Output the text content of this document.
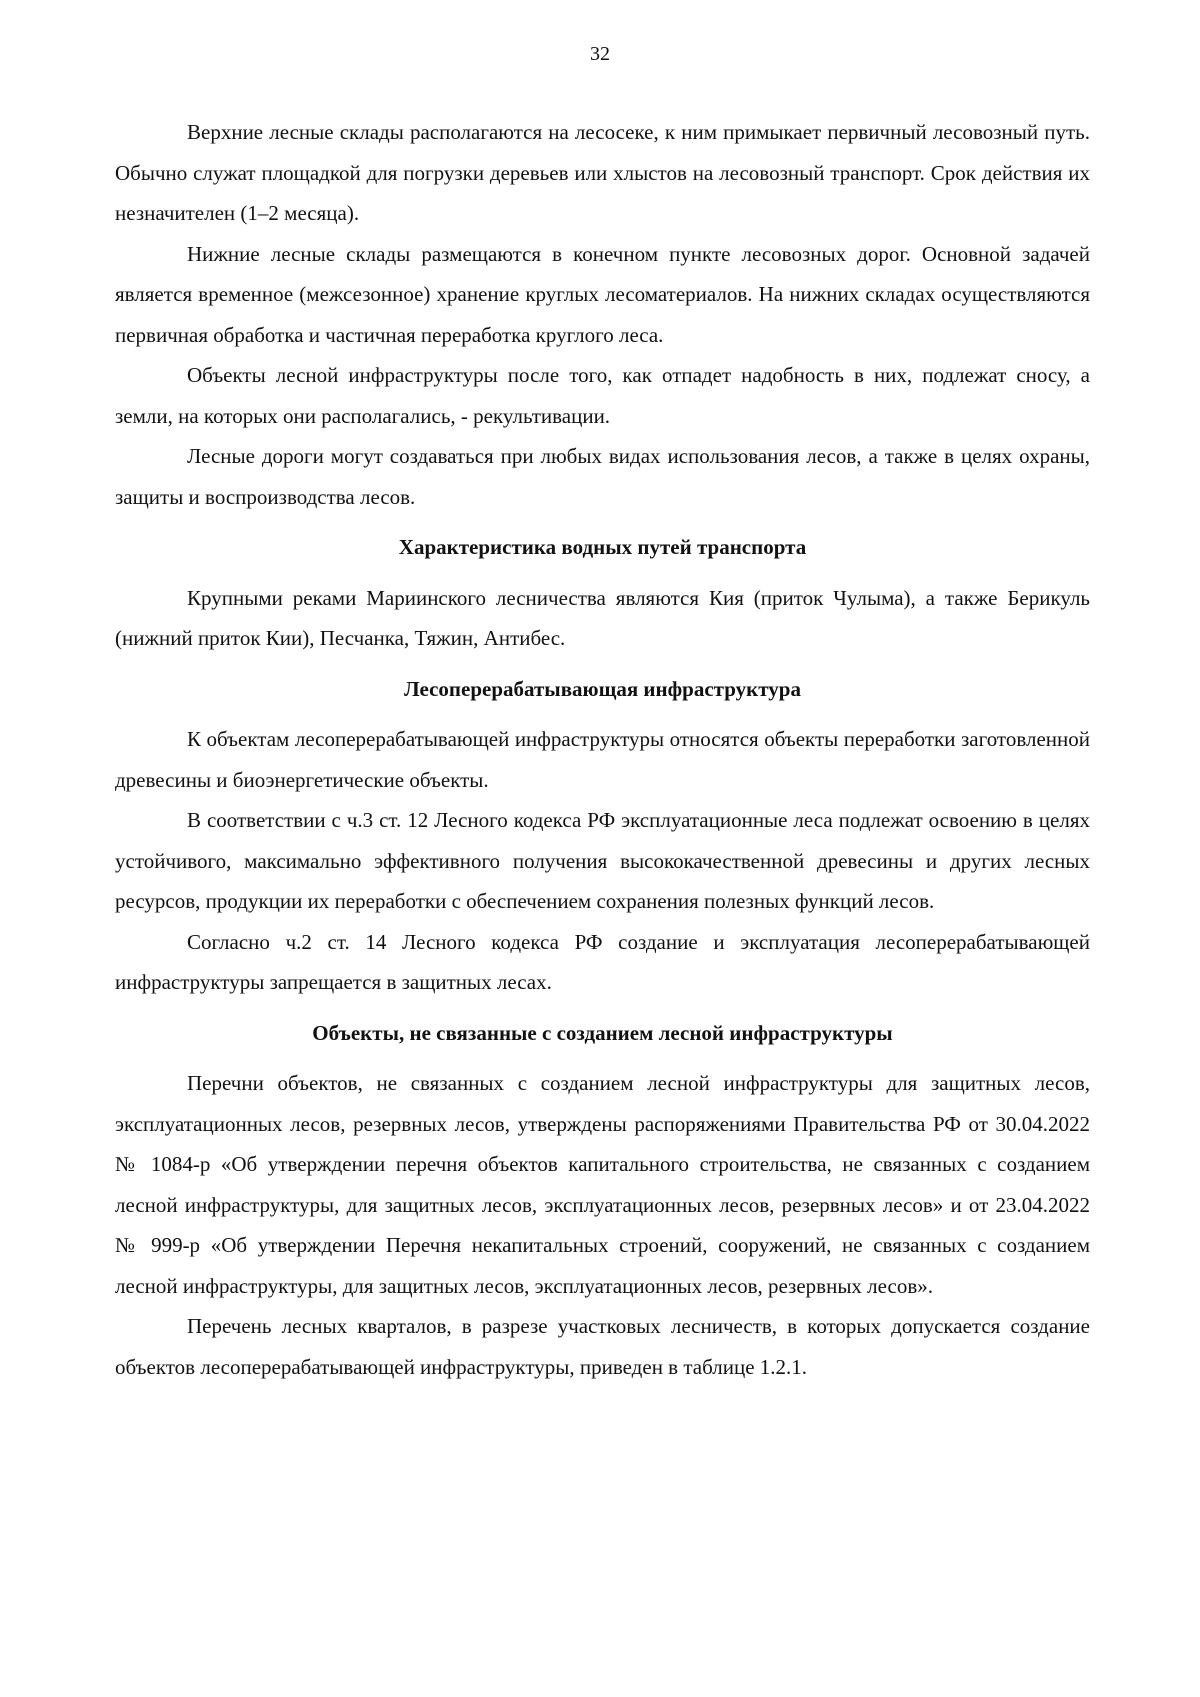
32

Верхние лесные склады располагаются на лесосеке, к ним примыкает первичный лесовозный путь. Обычно служат площадкой для погрузки деревьев или хлыстов на лесовозный транспорт. Срок действия их незначителен (1–2 месяца).

Нижние лесные склады размещаются в конечном пункте лесовозных дорог. Основной задачей является временное (межсезонное) хранение круглых лесоматериалов. На нижних складах осуществляются первичная обработка и частичная переработка круглого леса.

Объекты лесной инфраструктуры после того, как отпадет надобность в них, подлежат сносу, а земли, на которых они располагались, - рекультивации.

Лесные дороги могут создаваться при любых видах использования лесов, а также в целях охраны, защиты и воспроизводства лесов.

Характеристика водных путей транспорта

Крупными реками Мариинского лесничества являются Кия (приток Чулыма), а также Берикуль (нижний приток Кии), Песчанка, Тяжин, Антибес.

Лесоперерабатывающая инфраструктура

К объектам лесоперерабатывающей инфраструктуры относятся объекты переработки заготовленной древесины и биоэнергетические объекты.

В соответствии с ч.3 ст. 12 Лесного кодекса РФ эксплуатационные леса подлежат освоению в целях устойчивого, максимально эффективного получения высококачественной древесины и других лесных ресурсов, продукции их переработки с обеспечением сохранения полезных функций лесов.

Согласно ч.2 ст. 14 Лесного кодекса РФ создание и эксплуатация лесоперерабатывающей инфраструктуры запрещается в защитных лесах.

Объекты, не связанные с созданием лесной инфраструктуры

Перечни объектов, не связанных с созданием лесной инфраструктуры для защитных лесов, эксплуатационных лесов, резервных лесов, утверждены распоряжениями Правительства РФ от 30.04.2022 № 1084-р «Об утверждении перечня объектов капитального строительства, не связанных с созданием лесной инфраструктуры, для защитных лесов, эксплуатационных лесов, резервных лесов» и от 23.04.2022 № 999-р «Об утверждении Перечня некапитальных строений, сооружений, не связанных с созданием лесной инфраструктуры, для защитных лесов, эксплуатационных лесов, резервных лесов».

Перечень лесных кварталов, в разрезе участковых лесничеств, в которых допускается создание объектов лесоперерабатывающей инфраструктуры, приведен в таблице 1.2.1.
